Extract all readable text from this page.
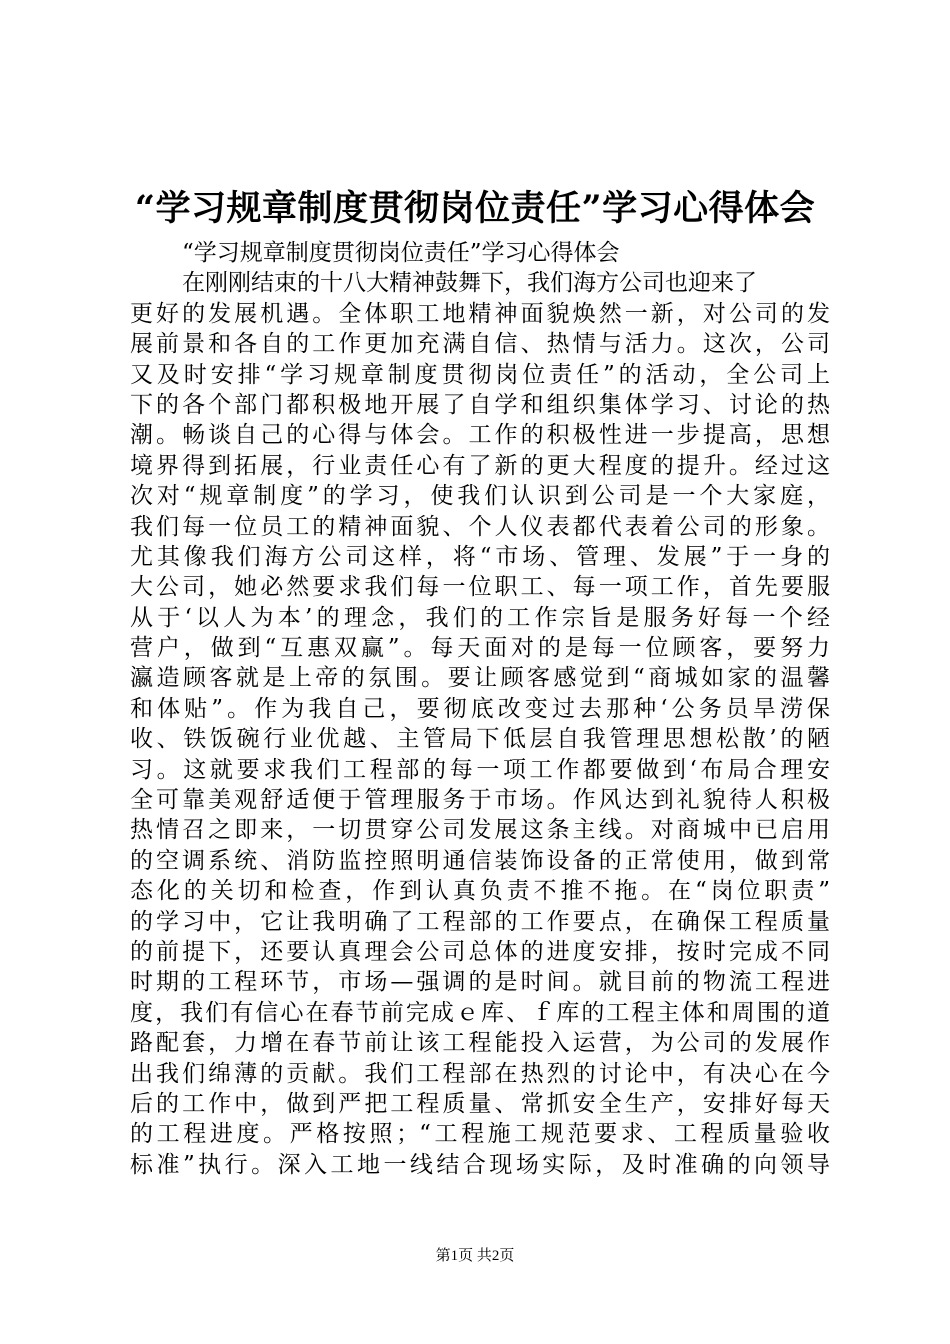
“学习规章制度贯彻岗位责任”学习心得体会
“学习规章制度贯彻岗位责任”学习心得体会
在刚刚结束的十八大精神鼓舞下，我们海方公司也迎来了
更好的发展机遇。全体职工地精神面貌焕然一新，对公司的发
展前景和各自的工作更加充满自信、热情与活力。这次，公司
又及时安排“学习规章制度贯彻岗位责任”的活动，全公司上
下的各个部门都积极地开展了自学和组织集体学习、讨论的热
潮。畅谈自己的心得与体会。工作的积极性进一步提高，思想
境界得到拓展，行业责任心有了新的更大程度的提升。经过这
次对“规章制度”的学习，使我们认识到公司是一个大家庭，
我们每一位员工的精神面貌、个人仪表都代表着公司的形象。
尤其像我们海方公司这样，将“市场、管理、发展”于一身的
大公司，她必然要求我们每一位职工、每一项工作，首先要服
从于‘以人为本’的理念，我们的工作宗旨是服务好每一个经
营户，做到“互惠双赢”。每天面对的是每一位顾客，要努力
瀛造顾客就是上帝的氛围。要让顾客感觉到“商城如家的温馨
和体贴”。作为我自己，要彻底改变过去那种‘公务员旱涝保
收、铁饭碗行业优越、主管局下低层自我管理思想松散’的陋
习。这就要求我们工程部的每一项工作都要做到‘布局合理安
全可靠美观舒适便于管理服务于市场。作风达到礼貌待人积极
热情召之即来，一切贯穿公司发展这条主线。对商城中已启用
的空调系统、消防监控照明通信装饰设备的正常使用，做到常
态化的关切和检查，作到认真负责不推不拖。在“岗位职责”
的学习中，它让我明确了工程部的工作要点，在确保工程质量
的前提下，还要认真理会公司总体的进度安排，按时完成不同
时期的工程环节，市场—强调的是时间。就目前的物流工程进
度，我们有信心在春节前完成ｅ库、ｆ库的工程主体和周围的道
路配套，力增在春节前让该工程能投入运营，为公司的发展作
出我们绵薄的贡献。我们工程部在热烈的讨论中，有决心在今
后的工作中，做到严把工程质量、常抓安全生产，安排好每天
的工程进度。严格按照；“工程施工规范要求、工程质量验收
标准”执行。深入工地一线结合现场实际，及时准确的向领导
第1页 共2页
